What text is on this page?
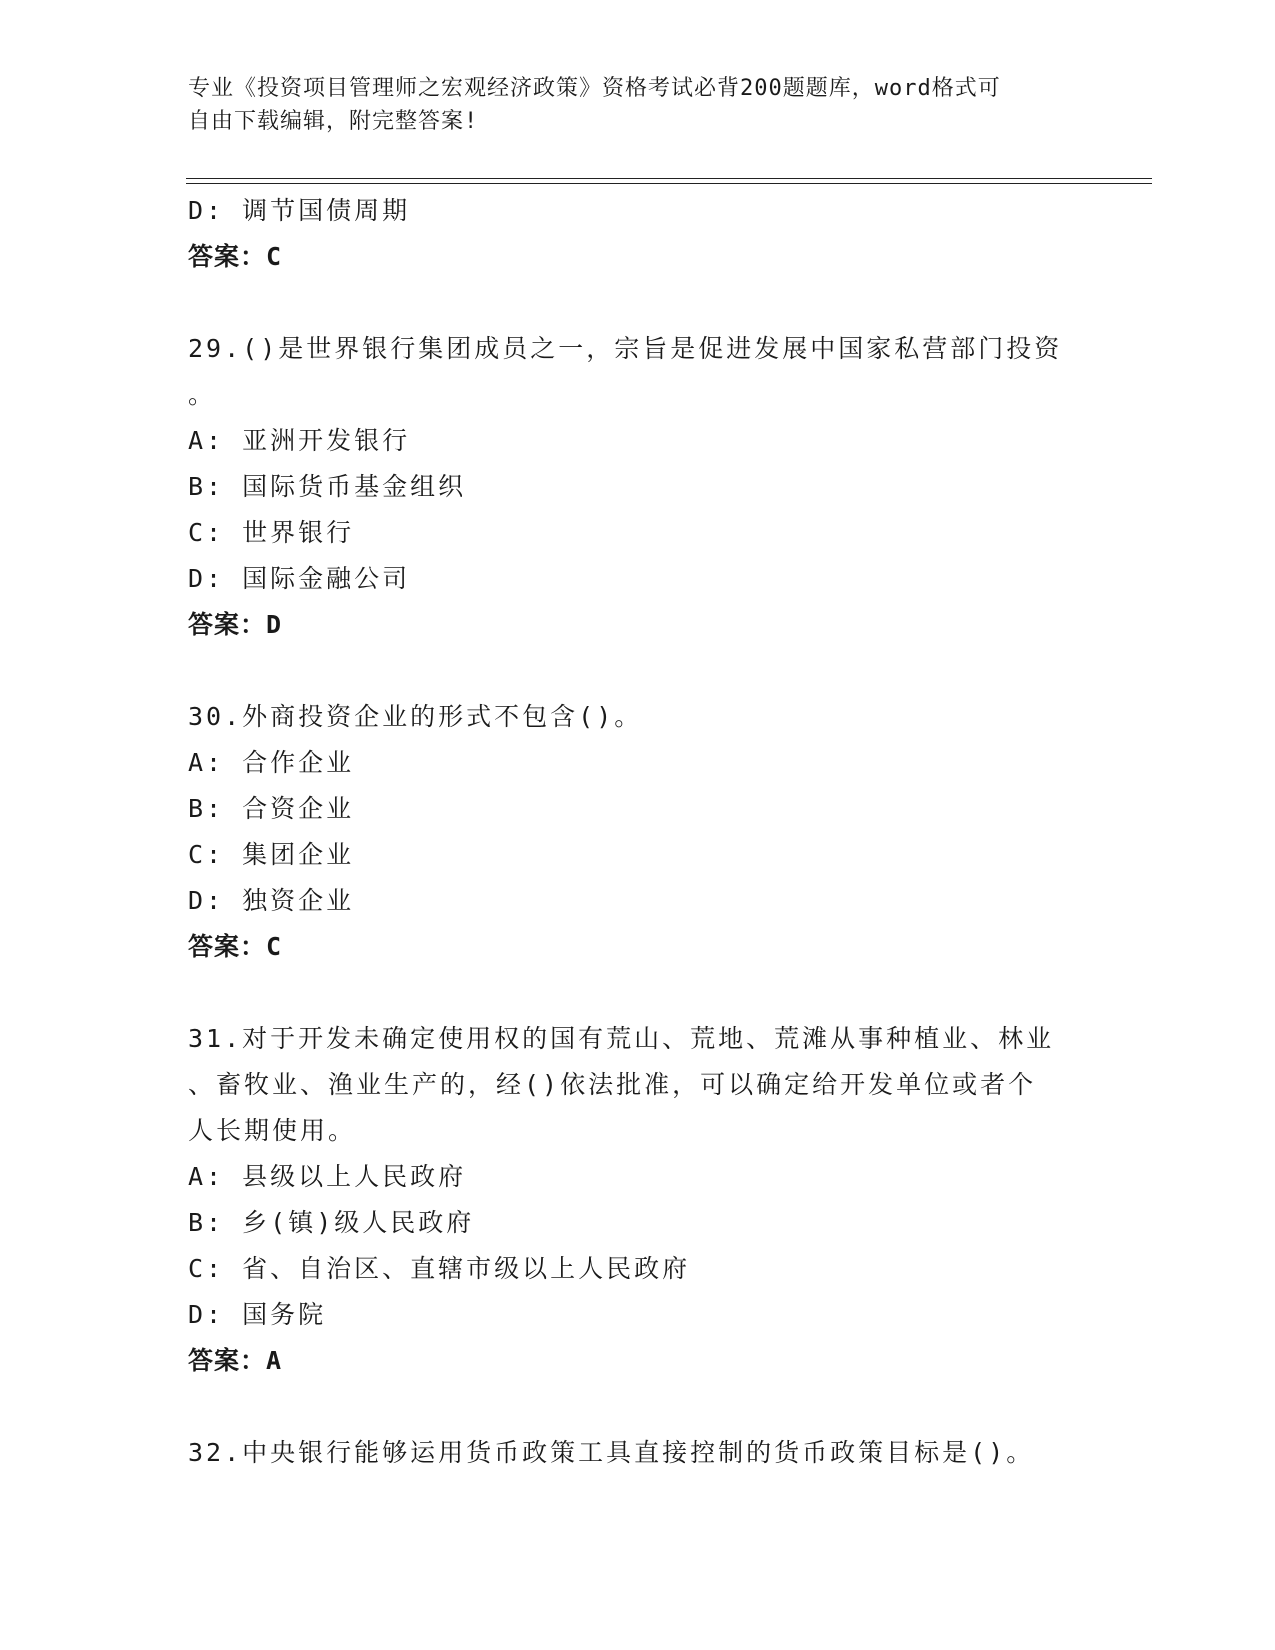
专业《投资项目管理师之宏观经济政策》资格考试必背200题题库，word格式可
自由下载编辑，附完整答案!
D: 调节国债周期
答案：C
29.()是世界银行集团成员之一，宗旨是促进发展中国家私营部门投资
。
A: 亚洲开发银行
B: 国际货币基金组织
C: 世界银行
D: 国际金融公司
答案：D
30.外商投资企业的形式不包含()。
A: 合作企业
B: 合资企业
C: 集团企业
D: 独资企业
答案：C
31.对于开发未确定使用权的国有荒山、荒地、荒滩从事种植业、林业
、畜牧业、渔业生产的，经()依法批准，可以确定给开发单位或者个
人长期使用。
A: 县级以上人民政府
B: 乡(镇)级人民政府
C: 省、自治区、直辖市级以上人民政府
D: 国务院
答案：A
32.中央银行能够运用货币政策工具直接控制的货币政策目标是()。
